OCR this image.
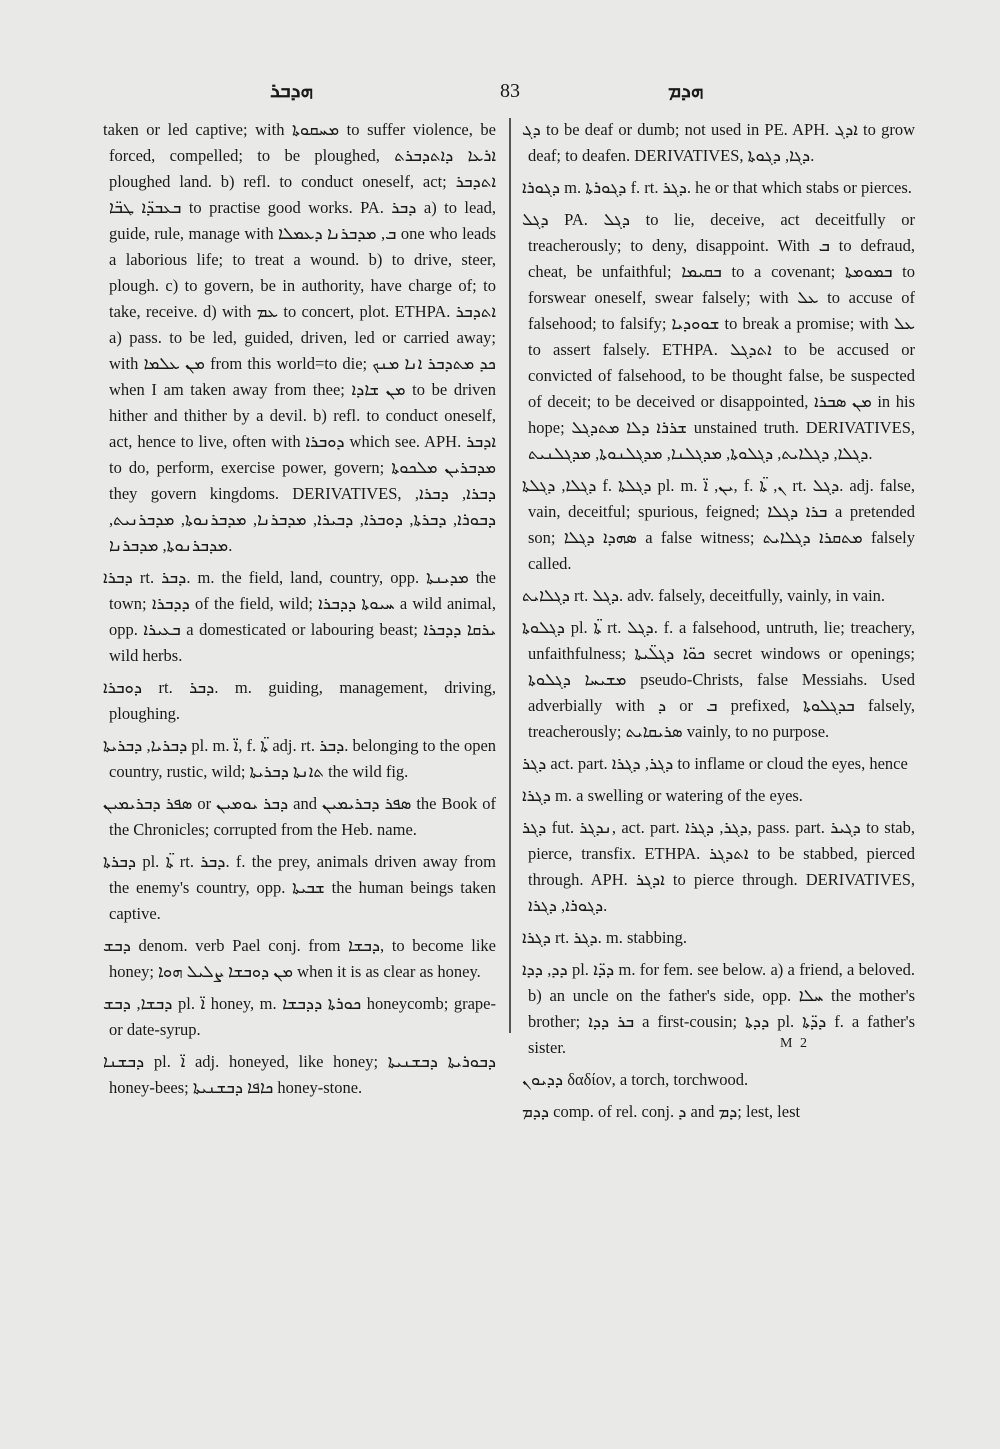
ܗܕܒܪ	83	ܗܕܡ

taken or led captive; with ܡܚܩܘܬܐ to suffer violence, be forced, compelled; to be ploughed, ܐܪܥܐ ܕܐܬܕܒܪܬ ploughed land. b) refl. to conduct oneself, act; ܐܬܕܒܪ ܒܥܒܕ̈ܐ ܛܒ̈ܐ to practise good works. PA. ܕܒܪ a) to lead, guide, rule, manage with ܒ, ܡܕܒܪܢܐ ܕܥܡܠܐ one who leads a laborious life; to treat a wound. b) to drive, steer, plough. c) to govern, be in authority, have charge of; to take, receive. d) with ܥܡ to concert, plot. ETHPA. ܐܬܕܒܪ a) pass. to be led, guided, driven, led or carried away; with ܡܢ ܥܠܡܐ from this world=to die; ܟܕ ܡܬܕܒܪ ܐܢܐ ܡܢܟ when I am taken away from thee; ܡܢ ܫܐܕܐ to be driven hither and thither by a devil. b) refl. to conduct oneself, act, hence to live, often with ܕܘܒܪܐ which see. APH. ܐܕܒܪ to do, perform, exercise power, govern; ܡܕܒܪܝܢ ܡܠܟܘܬܐ they govern kingdoms. DERIVATIVES, ܕܒܪܐ, ܕܒܪܐ, ܕܒܘܪܐ, ܕܒܪܬܐ, ܕܘܒܪܐ, ܕܒܝܪܐ, ܡܕܒܪܢܐ, ܡܕܒܪܢܘܬܐ, ܡܕܒܪܢܝܬ, ܡܕܒܪܢܘܬܐ, ܡܕܒܪܢܐ.

ܕܒܪܐ rt. ܕܒܪ. m. the field, land, country, opp. ܡܕܝܢܬܐ the town; ܕܕܒܪܐ of the field, wild; ܚܝܘܬܐ ܕܕܒܪܐ a wild animal, opp. ܒܥܝܪܐ a domesticated or labouring beast; ܝܪܩܐ ܕܕܒܪܐ wild herbs.

ܕܘܒܪܐ rt. ܕܒܪ. m. guiding, management, driving, ploughing.

ܕܒܪܝܐ, ܕܒܪܝܬܐ pl. m. ܐ̈, f. ܬܐ̈ adj. rt. ܕܒܪ. belonging to the open country, rustic, wild; ܬܐܢܬܐ ܕܒܪܝܬܐ the wild fig.

ܣܦܪ ܕܒܪܝܡܝܢ or ܕܒܪ ܝܘܡܝܢ and ܣܦܪ ܕܒܪܝܡܝܢ the Book of the Chronicles; corrupted from the Heb. name.

ܕܒܪܬܐ pl. ܬܐ̈ rt. ܕܒܪ. f. the prey, animals driven away from the enemy's country, opp. ܫܒܝܬܐ the human beings taken captive.

ܕܒܫ denom. verb Pael conj. from ܕܒܫܐ, to become like honey; ܡܢ ܕܘܒܫܐ ܨܠܝܠ ܗܘܐ when it is as clear as honey.

ܕܒܫܐ, ܕܒܫ pl. ܐ̈ honey, m. ܟܘܪܬܐ ܕܕܒܫܐ honeycomb; grape- or date-syrup.

ܕܒܫܢܐ pl. ܐ̈ adj. honeyed, like honey; ܕܒܘܪܝܬܐ ܕܒܫܢܝܬܐ honey-bees; ܟܐܦܐ ܕܒܫܢܝܬܐ honey-stone.

ܕܓ to be deaf or dumb; not used in PE. APH. ܐܕܓ to grow deaf; to deafen. DERIVATIVES, ܕܓܐ, ܕܓܘܬܐ.

ܕܓܘܪܐ m. ܕܓܘܪܬܐ f. rt. ܕܓܪ. he or that which stabs or pierces.

ܕܓܠ PA. ܕܓܠ to lie, deceive, act deceitfully or treacherously; to deny, disappoint. With ܒ to defraud, cheat, be unfaithful; ܒܩܝܡܐ to a covenant; ܒܡܘܡܬܐ to forswear oneself, swear falsely; with ܥܠ to accuse of falsehood; to falsify; ܫܘܘܕܝܐ to break a promise; with ܥܠ to assert falsely. ETHPA. ܐܬܕܓܠ to be accused or convicted of falsehood, to be thought false, be suspected of deceit; to be deceived or disappointed, ܡܢ ܣܒܪܐ in his hope; ܫܪܪܐ ܕܠܐ ܡܬܕܓܠ unstained truth. DERIVATIVES, ܕܓܠܐ, ܕܓܠܐܝܬ, ܕܓܠܘܬܐ, ܡܕܓܠܢܐ, ܡܕܓܠܢܘܬܐ, ܡܕܓܠܢܝܬ.

ܕܓܠܐ, ܕܓܠܬܐ f. ܕܓܠܬܐ pl. m. ܝܢ, ܐ̈, f. ܢ, ܬܐ̈ rt. ܕܓܠ. adj. false, vain, deceitful; spurious, feigned; ܒܪܐ ܕܓܠܐ a pretended son; ܣܗܕܐ ܕܓܠܐ a false witness; ܡܬܩܪܐ ܕܓܠܐܝܬ falsely called.

ܕܓܠܐܝܬ rt. ܕܓܠ. adv. falsely, deceitfully, vainly, in vain.

ܕܓܠܘܬܐ pl. ܬܐ̈ rt. ܕܓܠ. f. a falsehood, untruth, lie; treachery, unfaithfulness; ܟܘ̈ܐ ܕܓܠ̈ܝܬܐ secret windows or openings; ܡܫܝܚܐ ܕܓܠܘܬܐ pseudo-Christs, false Messiahs. Used adverbially with ܕ or ܒ prefixed, ܒܕܓܠܘܬܐ falsely, treacherously; ܣܪܝܩܐܝܬ vainly, to no purpose.

ܕܓܪ act. part. ܕܓܪ, ܕܓܪܐ to inflame or cloud the eyes, hence

ܕܓܪܐ m. a swelling or watering of the eyes.

ܕܓܪ fut. ܢܕܓܪ, act. part. ܕܓܪ, ܕܓܪܐ, pass. part. ܕܓܝܪ to stab, pierce, transfix. ETHPA. ܐܬܕܓܪ to be stabbed, pierced through. APH. ܐܕܓܪ to pierce through. DERIVATIVES, ܕܓܘܪܐ, ܕܓܪܐ.

ܕܓܪܐ rt. ܕܓܪ. m. stabbing.

ܕܕ, ܕܕܐ pl. ܕܕ̈ܐ m. for fem. see below. a) a friend, a beloved. b) an uncle on the father's side, opp. ܚܠܐ the mother's brother; ܒܪ ܕܕܐ a first-cousin; ܕܕܬܐ pl. ܕܕ̈ܬܐ f. a father's sister.

ܕܕܝܘܢ δαδίον, a torch, torchwood.

ܕܕܡ comp. of rel. conj. ܕ and ܕܡ; lest, lest

M 2
